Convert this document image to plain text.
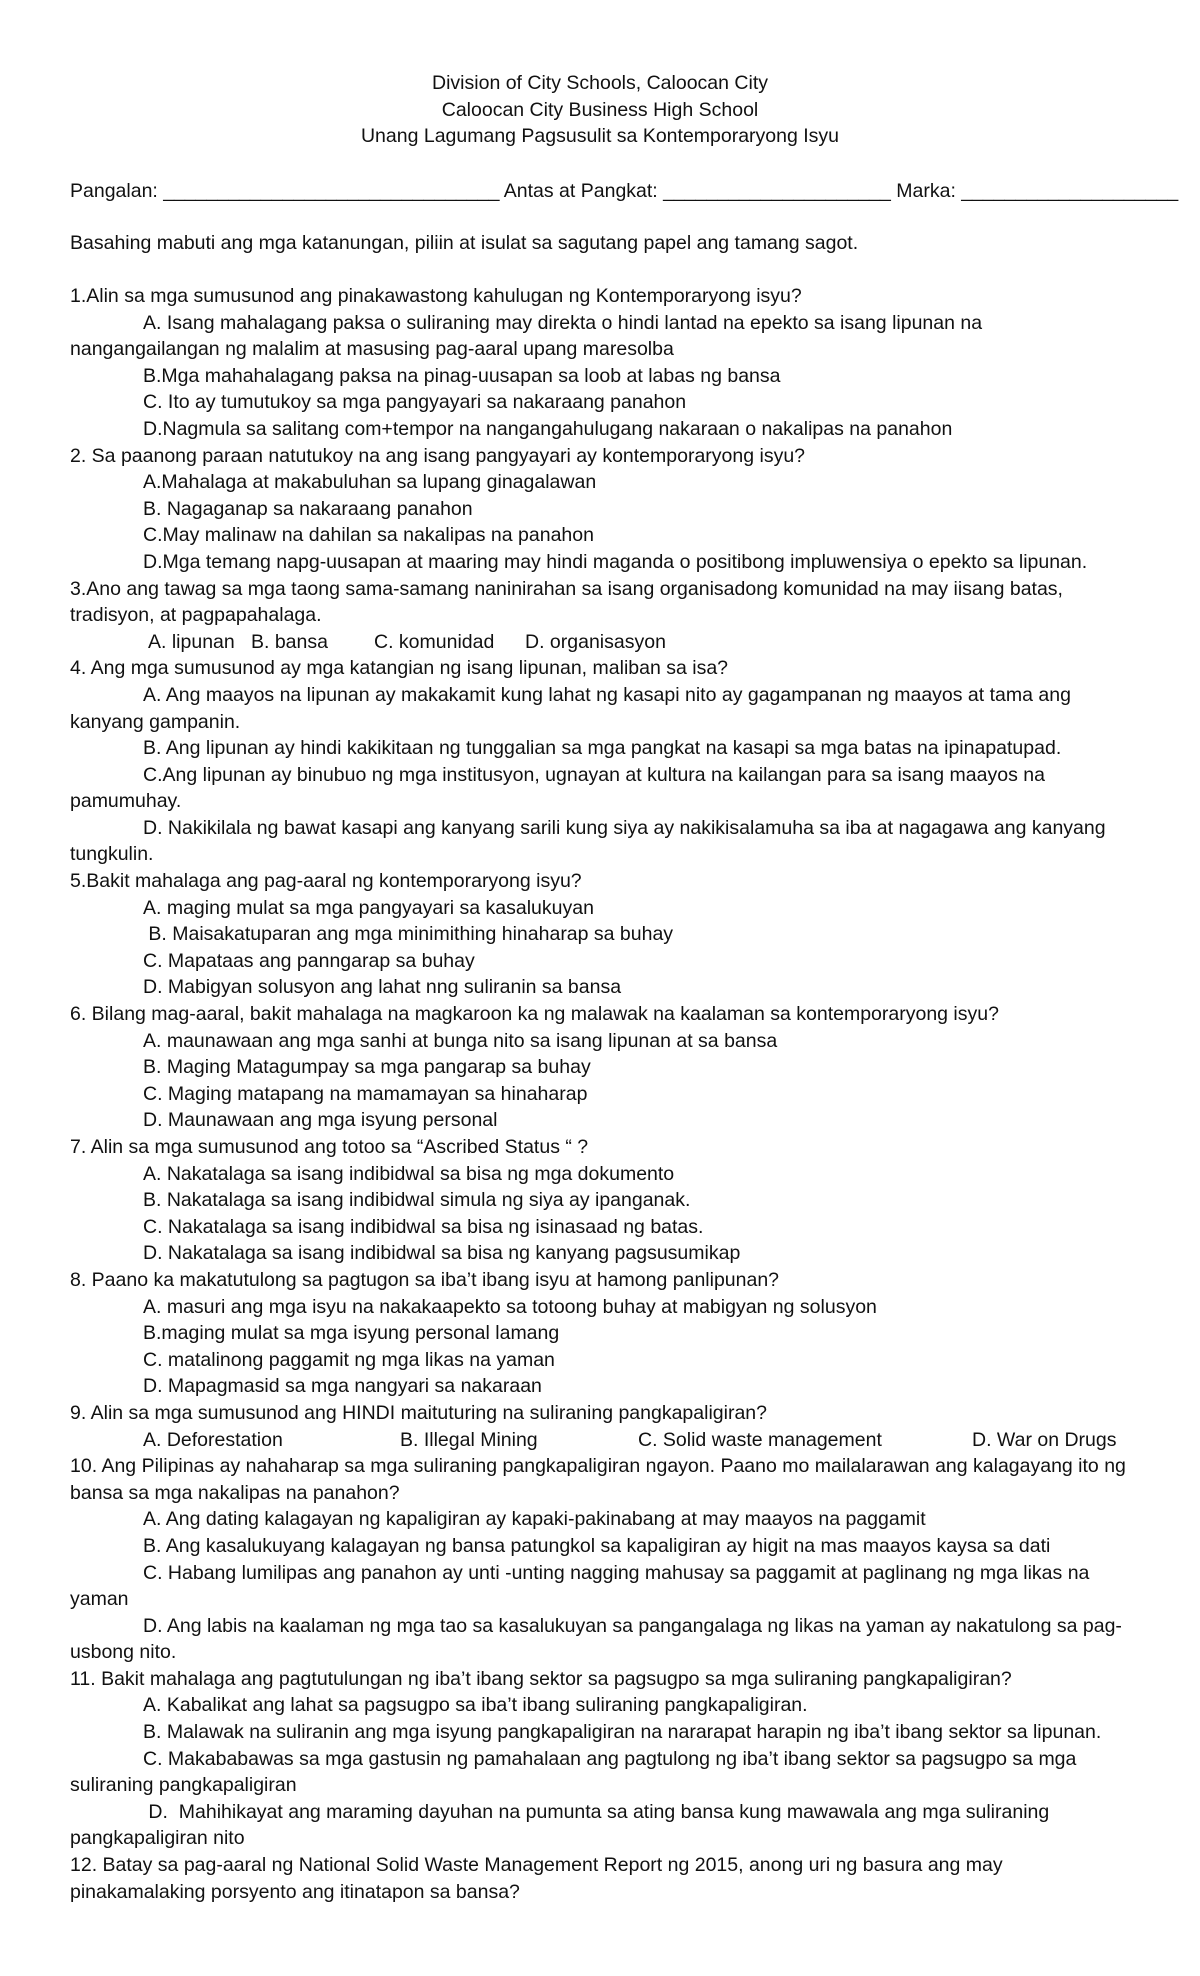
Division of City Schools, Caloocan City
Caloocan City Business High School
Unang Lagumang Pagsusulit sa Kontemporaryong Isyu
Pangalan: _______________________________ Antas at Pangkat: _____________________ Marka: ____________________
Basahing mabuti ang mga katanungan, piliin at isulat sa sagutang papel ang tamang sagot.
1.Alin sa mga sumusunod ang pinakawastong kahulugan ng Kontemporaryong isyu?
A. Isang mahalagang paksa o suliraning may direkta o hindi lantad na epekto sa isang lipunan na nangangailangan ng malalim at masusing pag-aaral upang maresolba
B.Mga mahahalagang paksa na pinag-uusapan sa loob at labas ng bansa
C. Ito ay tumutukoy sa mga pangyayari sa nakaraang panahon
D.Nagmula sa salitang com+tempor na nangangahulugang nakaraan o nakalipas na panahon
2. Sa paanong paraan natutukoy na ang isang pangyayari ay kontemporaryong isyu?
A.Mahalaga at makabuluhan sa lupang ginagalawan
B. Nagaganap sa nakaraang panahon
C.May malinaw na dahilan sa nakalipas na panahon
D.Mga temang napg-uusapan at maaring may hindi maganda o positibong impluwensiya o epekto sa lipunan.
3.Ano ang tawag sa mga taong sama-samang naninirahan sa isang organisadong komunidad na may iisang batas, tradisyon, at pagpapahalaga.
A. lipunan B. bansa	C. komunidad	D. organisasyon
4. Ang mga sumusunod ay mga katangian ng isang lipunan, maliban sa isa?
A. Ang maayos na lipunan ay makakamit kung lahat ng kasapi nito ay gagampanan ng maayos at tama ang kanyang gampanin.
B. Ang lipunan ay hindi kakikitaan ng tunggalian sa mga pangkat na kasapi sa mga batas na ipinapatupad.
C.Ang lipunan ay binubuo ng mga institusyon, ugnayan at kultura na kailangan para sa isang maayos na pamumuhay.
D. Nakikilala ng bawat kasapi ang kanyang sarili kung siya ay nakikisalamuha sa iba at nagagawa ang kanyang tungkulin.
5.Bakit mahalaga ang pag-aaral ng kontemporaryong isyu?
A. maging mulat sa mga pangyayari sa kasalukuyan
B. Maisakatuparan ang mga minimithing hinaharap sa buhay
C. Mapataas ang panngarap sa buhay
D. Mabigyan solusyon ang lahat nng suliranin sa bansa
6. Bilang mag-aaral, bakit mahalaga na magkaroon ka ng malawak na kaalaman sa kontemporaryong isyu?
A. maunawaan ang mga sanhi at bunga nito sa isang lipunan at sa bansa
B. Maging Matagumpay sa mga pangarap sa buhay
C. Maging matapang na mamamayan sa hinaharap
D. Maunawaan ang mga isyung personal
7. Alin sa mga sumusunod ang totoo sa “Ascribed Status “ ?
A. Nakatalaga sa isang indibidwal sa bisa ng mga dokumento
B. Nakatalaga sa isang indibidwal simula ng siya ay ipanganak.
C. Nakatalaga sa isang indibidwal sa bisa ng isinasaad ng batas.
D. Nakatalaga sa isang indibidwal sa bisa ng kanyang pagsusumikap
8. Paano ka makatutulong sa pagtugon sa iba’t ibang isyu at hamong panlipunan?
A. masuri ang mga isyu na nakakaapekto sa totoong buhay at mabigyan ng solusyon
B.maging mulat sa mga isyung personal lamang
C. matalinong paggamit ng mga likas na yaman
D. Mapagmasid sa mga nangyari sa nakaraan
9. Alin sa mga sumusunod ang HINDI maituturing na suliraning pangkapaligiran?
A. Deforestation	B. Illegal Mining	C. Solid waste management	D. War on Drugs
10. Ang Pilipinas ay nahaharap sa mga suliraning pangkapaligiran ngayon. Paano mo mailalarawan ang kalagayang ito ng bansa sa mga nakalipas na panahon?
A. Ang dating kalagayan ng kapaligiran ay kapaki-pakinabang at may maayos na paggamit
B. Ang kasalukuyang kalagayan ng bansa patungkol sa kapaligiran ay higit na mas maayos kaysa sa dati
C. Habang lumilipas ang panahon ay unti -unting nagging mahusay sa paggamit at paglinang ng mga likas na yaman
D. Ang labis na kaalaman ng mga tao sa kasalukuyan sa pangangalaga ng likas na yaman ay nakatulong sa pag-usbong nito.
11. Bakit mahalaga ang pagtutulungan ng iba’t ibang sektor sa pagsugpo sa mga suliraning pangkapaligiran?
A. Kabalikat ang lahat sa pagsugpo sa iba’t ibang suliraning pangkapaligiran.
B. Malawak na suliranin ang mga isyung pangkapaligiran na nararapat harapin ng iba’t ibang sektor sa lipunan.
C. Makababawas sa mga gastusin ng pamahalaan ang pagtulong ng iba’t ibang sektor sa pagsugpo sa mga suliraning pangkapaligiran
D.  Mahihikayat ang maraming dayuhan na pumunta sa ating bansa kung mawawala ang mga suliraning pangkapaligiran nito
12. Batay sa pag-aaral ng National Solid Waste Management Report ng 2015, anong uri ng basura ang may pinakamalaking porsyento ang itinatapon sa bansa?
